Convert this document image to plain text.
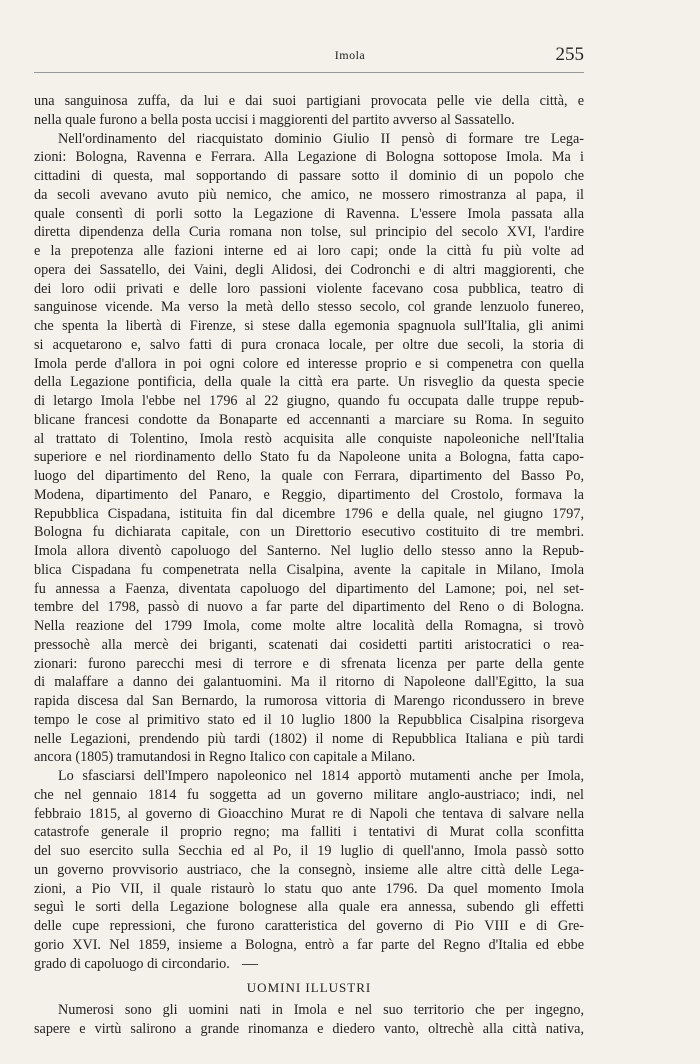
Imola	255
una sanguinosa zuffa, da lui e dai suoi partigiani provocata pelle vie della città, e
nella quale furono a bella posta uccisi i maggiorenti del partito avverso al Sassatello.
Nell'ordinamento del riacquistato dominio Giulio II pensò di formare tre Lega-
zioni: Bologna, Ravenna e Ferrara. Alla Legazione di Bologna sottopose Imola. Ma i
cittadini di questa, mal sopportando di passare sotto il dominio di un popolo che
da secoli avevano avuto più nemico, che amico, ne mossero rimostranza al papa, il
quale consentì di porli sotto la Legazione di Ravenna. L'essere Imola passata alla
diretta dipendenza della Curia romana non tolse, sul principio del secolo XVI, l'ardire
e la prepotenza alle fazioni interne ed ai loro capi; onde la città fu più volte ad
opera dei Sassatello, dei Vaini, degli Alidosi, dei Codronchi e di altri maggiorenti, che
dei loro odii privati e delle loro passioni violente facevano cosa pubblica, teatro di
sanguinose vicende. Ma verso la metà dello stesso secolo, col grande lenzuolo funereo,
che spenta la libertà di Firenze, si stese dalla egemonia spagnuola sull'Italia, gli animi
si acquetarono e, salvo fatti di pura cronaca locale, per oltre due secoli, la storia di
Imola perde d'allora in poi ogni colore ed interesse proprio e si compenetra con quella
della Legazione pontificia, della quale la città era parte. Un risveglio da questa specie
di letargo Imola l'ebbe nel 1796 al 22 giugno, quando fu occupata dalle truppe repub-
blicane francesi condotte da Bonaparte ed accennanti a marciare su Roma. In seguito
al trattato di Tolentino, Imola restò acquisita alle conquiste napoleoniche nell'Italia
superiore e nel riordinamento dello Stato fu da Napoleone unita a Bologna, fatta capo-
luogo del dipartimento del Reno, la quale con Ferrara, dipartimento del Basso Po,
Modena, dipartimento del Panaro, e Reggio, dipartimento del Crostolo, formava la
Repubblica Cispadana, istituita fin dal dicembre 1796 e della quale, nel giugno 1797,
Bologna fu dichiarata capitale, con un Direttorio esecutivo costituito di tre membri.
Imola allora diventò capoluogo del Santerno. Nel luglio dello stesso anno la Repub-
blica Cispadana fu compenetrata nella Cisalpina, avente la capitale in Milano, Imola
fu annessa a Faenza, diventata capoluogo del dipartimento del Lamone; poi, nel set-
tembre del 1798, passò di nuovo a far parte del dipartimento del Reno o di Bologna.
Nella reazione del 1799 Imola, come molte altre località della Romagna, si trovò
pressochè alla mercè dei briganti, scatenati dai cosidetti partiti aristocratici o rea-
zionari: furono parecchi mesi di terrore e di sfrenata licenza per parte della gente
di malaffare a danno dei galantuomini. Ma il ritorno di Napoleone dall'Egitto, la sua
rapida discesa dal San Bernardo, la rumorosa vittoria di Marengo ricondussero in breve
tempo le cose al primitivo stato ed il 10 luglio 1800 la Repubblica Cisalpina risorgeva
nelle Legazioni, prendendo più tardi (1802) il nome di Repubblica Italiana e più tardi
ancora (1805) tramutandosi in Regno Italico con capitale a Milano.
Lo sfasciarsi dell'Impero napoleonico nel 1814 apportò mutamenti anche per Imola,
che nel gennaio 1814 fu soggetta ad un governo militare anglo-austriaco; indi, nel
febbraio 1815, al governo di Gioacchino Murat re di Napoli che tentava di salvare nella
catastrofe generale il proprio regno; ma falliti i tentativi di Murat colla sconfitta
del suo esercito sulla Secchia ed al Po, il 19 luglio di quell'anno, Imola passò sotto
un governo provvisorio austriaco, che la consegnò, insieme alle altre città delle Lega-
zioni, a Pio VII, il quale ristaurò lo statu quo ante 1796. Da quel momento Imola
seguì le sorti della Legazione bolognese alla quale era annessa, subendo gli effetti
delle cupe repressioni, che furono caratteristica del governo di Pio VIII e di Gre-
gorio XVI. Nel 1859, insieme a Bologna, entrò a far parte del Regno d'Italia ed ebbe
grado di capoluogo di circondario.
UOMINI ILLUSTRI
Numerosi sono gli uomini nati in Imola e nel suo territorio che per ingegno,
sapere e virtù salirono a grande rinomanza e diedero vanto, oltrechè alla città nativa,
